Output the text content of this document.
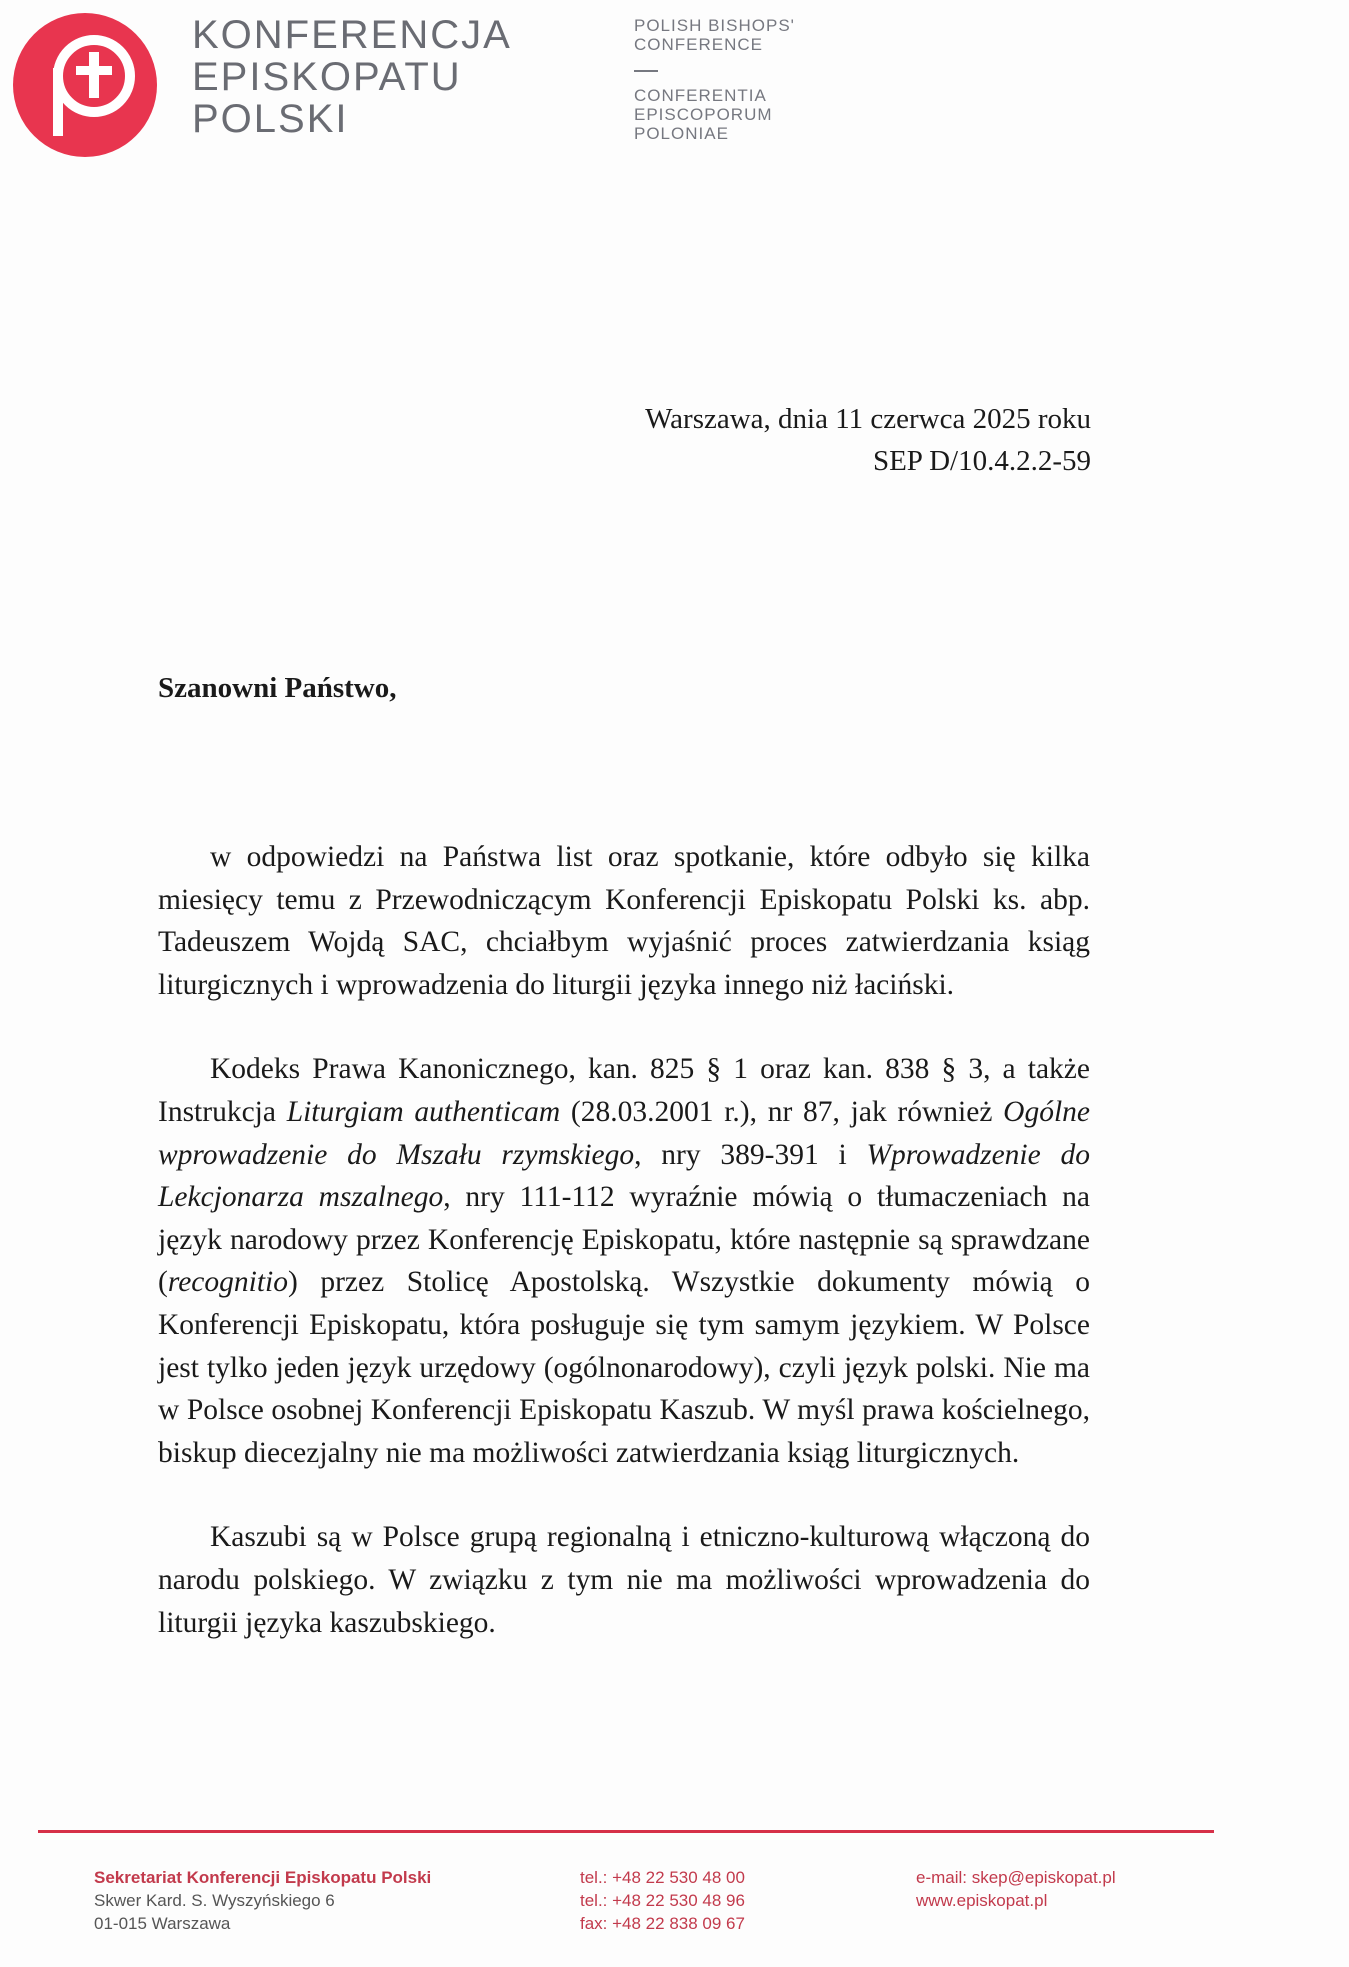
KONFERENCJA
EPISKOPATU
POLSKI
POLISH BISHOPS'
CONFERENCE
CONFERENTIA
EPISCOPORUM
POLONIAE
Warszawa, dnia 11 czerwca 2025 roku
SEP D/10.4.2.2-59
Szanowni Państwo,

w odpowiedzi na Państwa list oraz spotkanie, które odbyło się kilka miesięcy temu z Przewodniczącym Konferencji Episkopatu Polski ks. abp. Tadeuszem Wojdą SAC, chciałbym wyjaśnić proces zatwierdzania ksiąg liturgicznych i wprowadzenia do liturgii języka innego niż łaciński.

Kodeks Prawa Kanonicznego, kan. 825 § 1 oraz kan. 838 § 3, a także Instrukcja Liturgiam authenticam (28.03.2001 r.), nr 87, jak również Ogólne wprowadzenie do Mszału rzymskiego, nry 389-391 i Wprowadzenie do Lekcjonarza mszalnego, nry 111-112 wyraźnie mówią o tłumaczeniach na język narodowy przez Konferencję Episkopatu, które następnie są sprawdzane (recognitio) przez Stolicę Apostolską. Wszystkie dokumenty mówią o Konferencji Episkopatu, która posługuje się tym samym językiem. W Polsce jest tylko jeden język urzędowy (ogólnonarodowy), czyli język polski. Nie ma w Polsce osobnej Konferencji Episkopatu Kaszub. W myśl prawa kościelnego, biskup diecezjalny nie ma możliwości zatwierdzania ksiąg liturgicznych.

Kaszubi są w Polsce grupą regionalną i etniczno-kulturową włączoną do narodu polskiego. W związku z tym nie ma możliwości wprowadzenia do liturgii języka kaszubskiego.

Sekretariat Konferencji Episkopatu Polski
Skwer Kard. S. Wyszyńskiego 6
01-015 Warszawa
tel.: +48 22 530 48 00
tel.: +48 22 530 48 96
fax: +48 22 838 09 67
e-mail: skep@episkopat.pl
www.episkopat.pl
